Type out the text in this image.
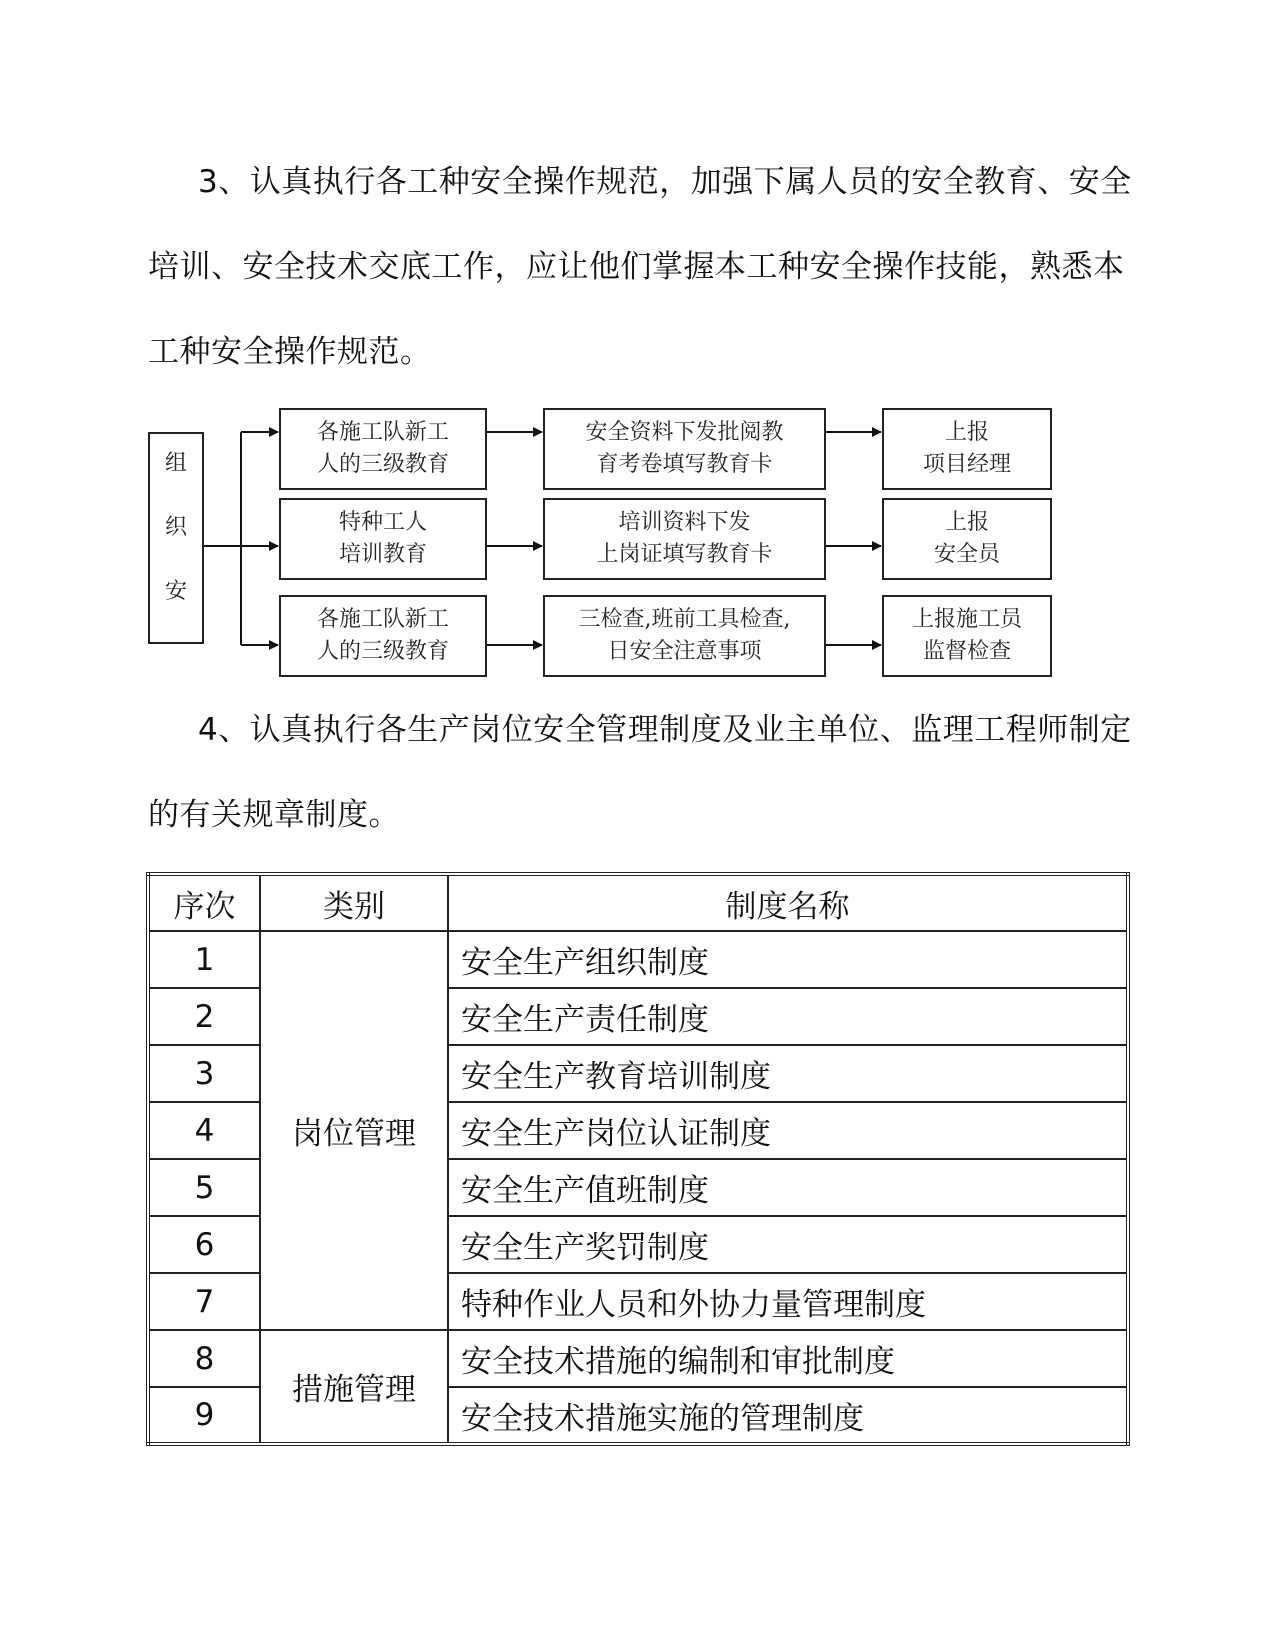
3、认真执行各工种安全操作规范，加强下属人员的安全教育、安全培训、安全技术交底工作，应让他们掌握本工种安全操作技能，熟悉本工种安全操作规范。

组
织
安
各施工队新工
人的三级教育
安全资料下发批阅教
育考卷填写教育卡
上报
项目经理
特种工人
培训教育
培训资料下发
上岗证填写教育卡
上报
安全员
各施工队新工
人的三级教育
三检查,班前工具检查,
日安全注意事项
上报施工员
监督检查

4、认真执行各生产岗位安全管理制度及业主单位、监理工程师制定的有关规章制度。

序次	类别	制度名称
1	岗位管理	安全生产组织制度
2		安全生产责任制度
3		安全生产教育培训制度
4		安全生产岗位认证制度
5		安全生产值班制度
6		安全生产奖罚制度
7		特种作业人员和外协力量管理制度
8	措施管理	安全技术措施的编制和审批制度
9		安全技术措施实施的管理制度
